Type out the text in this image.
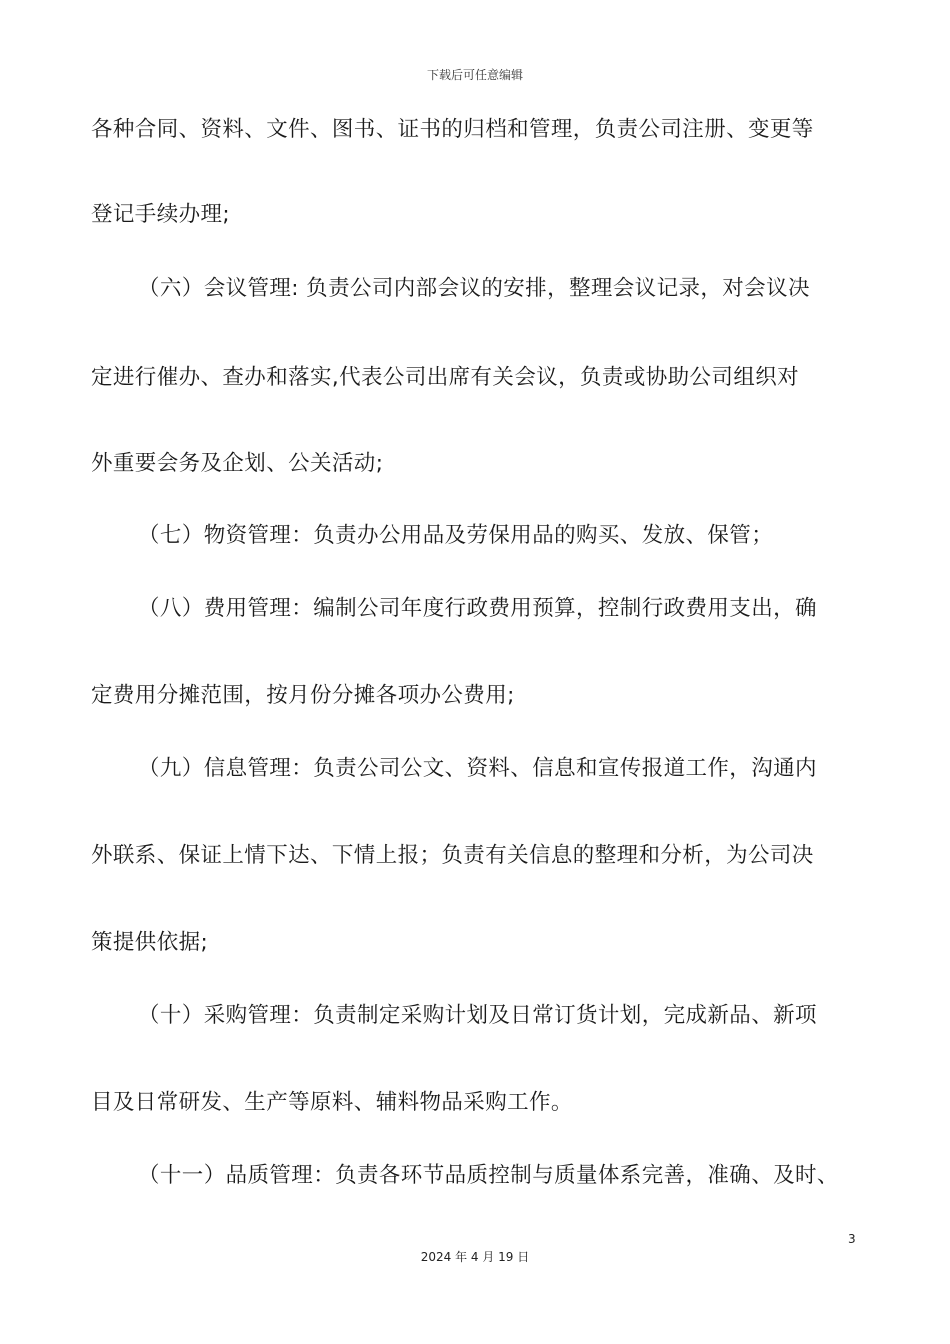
下载后可任意编辑
各种合同、资料、文件、图书、证书的归档和管理，负责公司注册、变更等
登记手续办理;
（六）会议管理: 负责公司内部会议的安排，整理会议记录，对会议决
定进行催办、查办和落实,代表公司出席有关会议，负责或协助公司组织对
外重要会务及企划、公关活动;
（七）物资管理：负责办公用品及劳保用品的购买、发放、保管；
（八）费用管理：编制公司年度行政费用预算，控制行政费用支出，确
定费用分摊范围，按月份分摊各项办公费用;
（九）信息管理：负责公司公文、资料、信息和宣传报道工作，沟通内
外联系、保证上情下达、下情上报；负责有关信息的整理和分析，为公司决
策提供依据;
（十）采购管理：负责制定采购计划及日常订货计划，完成新品、新项
目及日常研发、生产等原料、辅料物品采购工作。
（十一）品质管理：负责各环节品质控制与质量体系完善，准确、及时、
3
2024 年 4 月 19 日
